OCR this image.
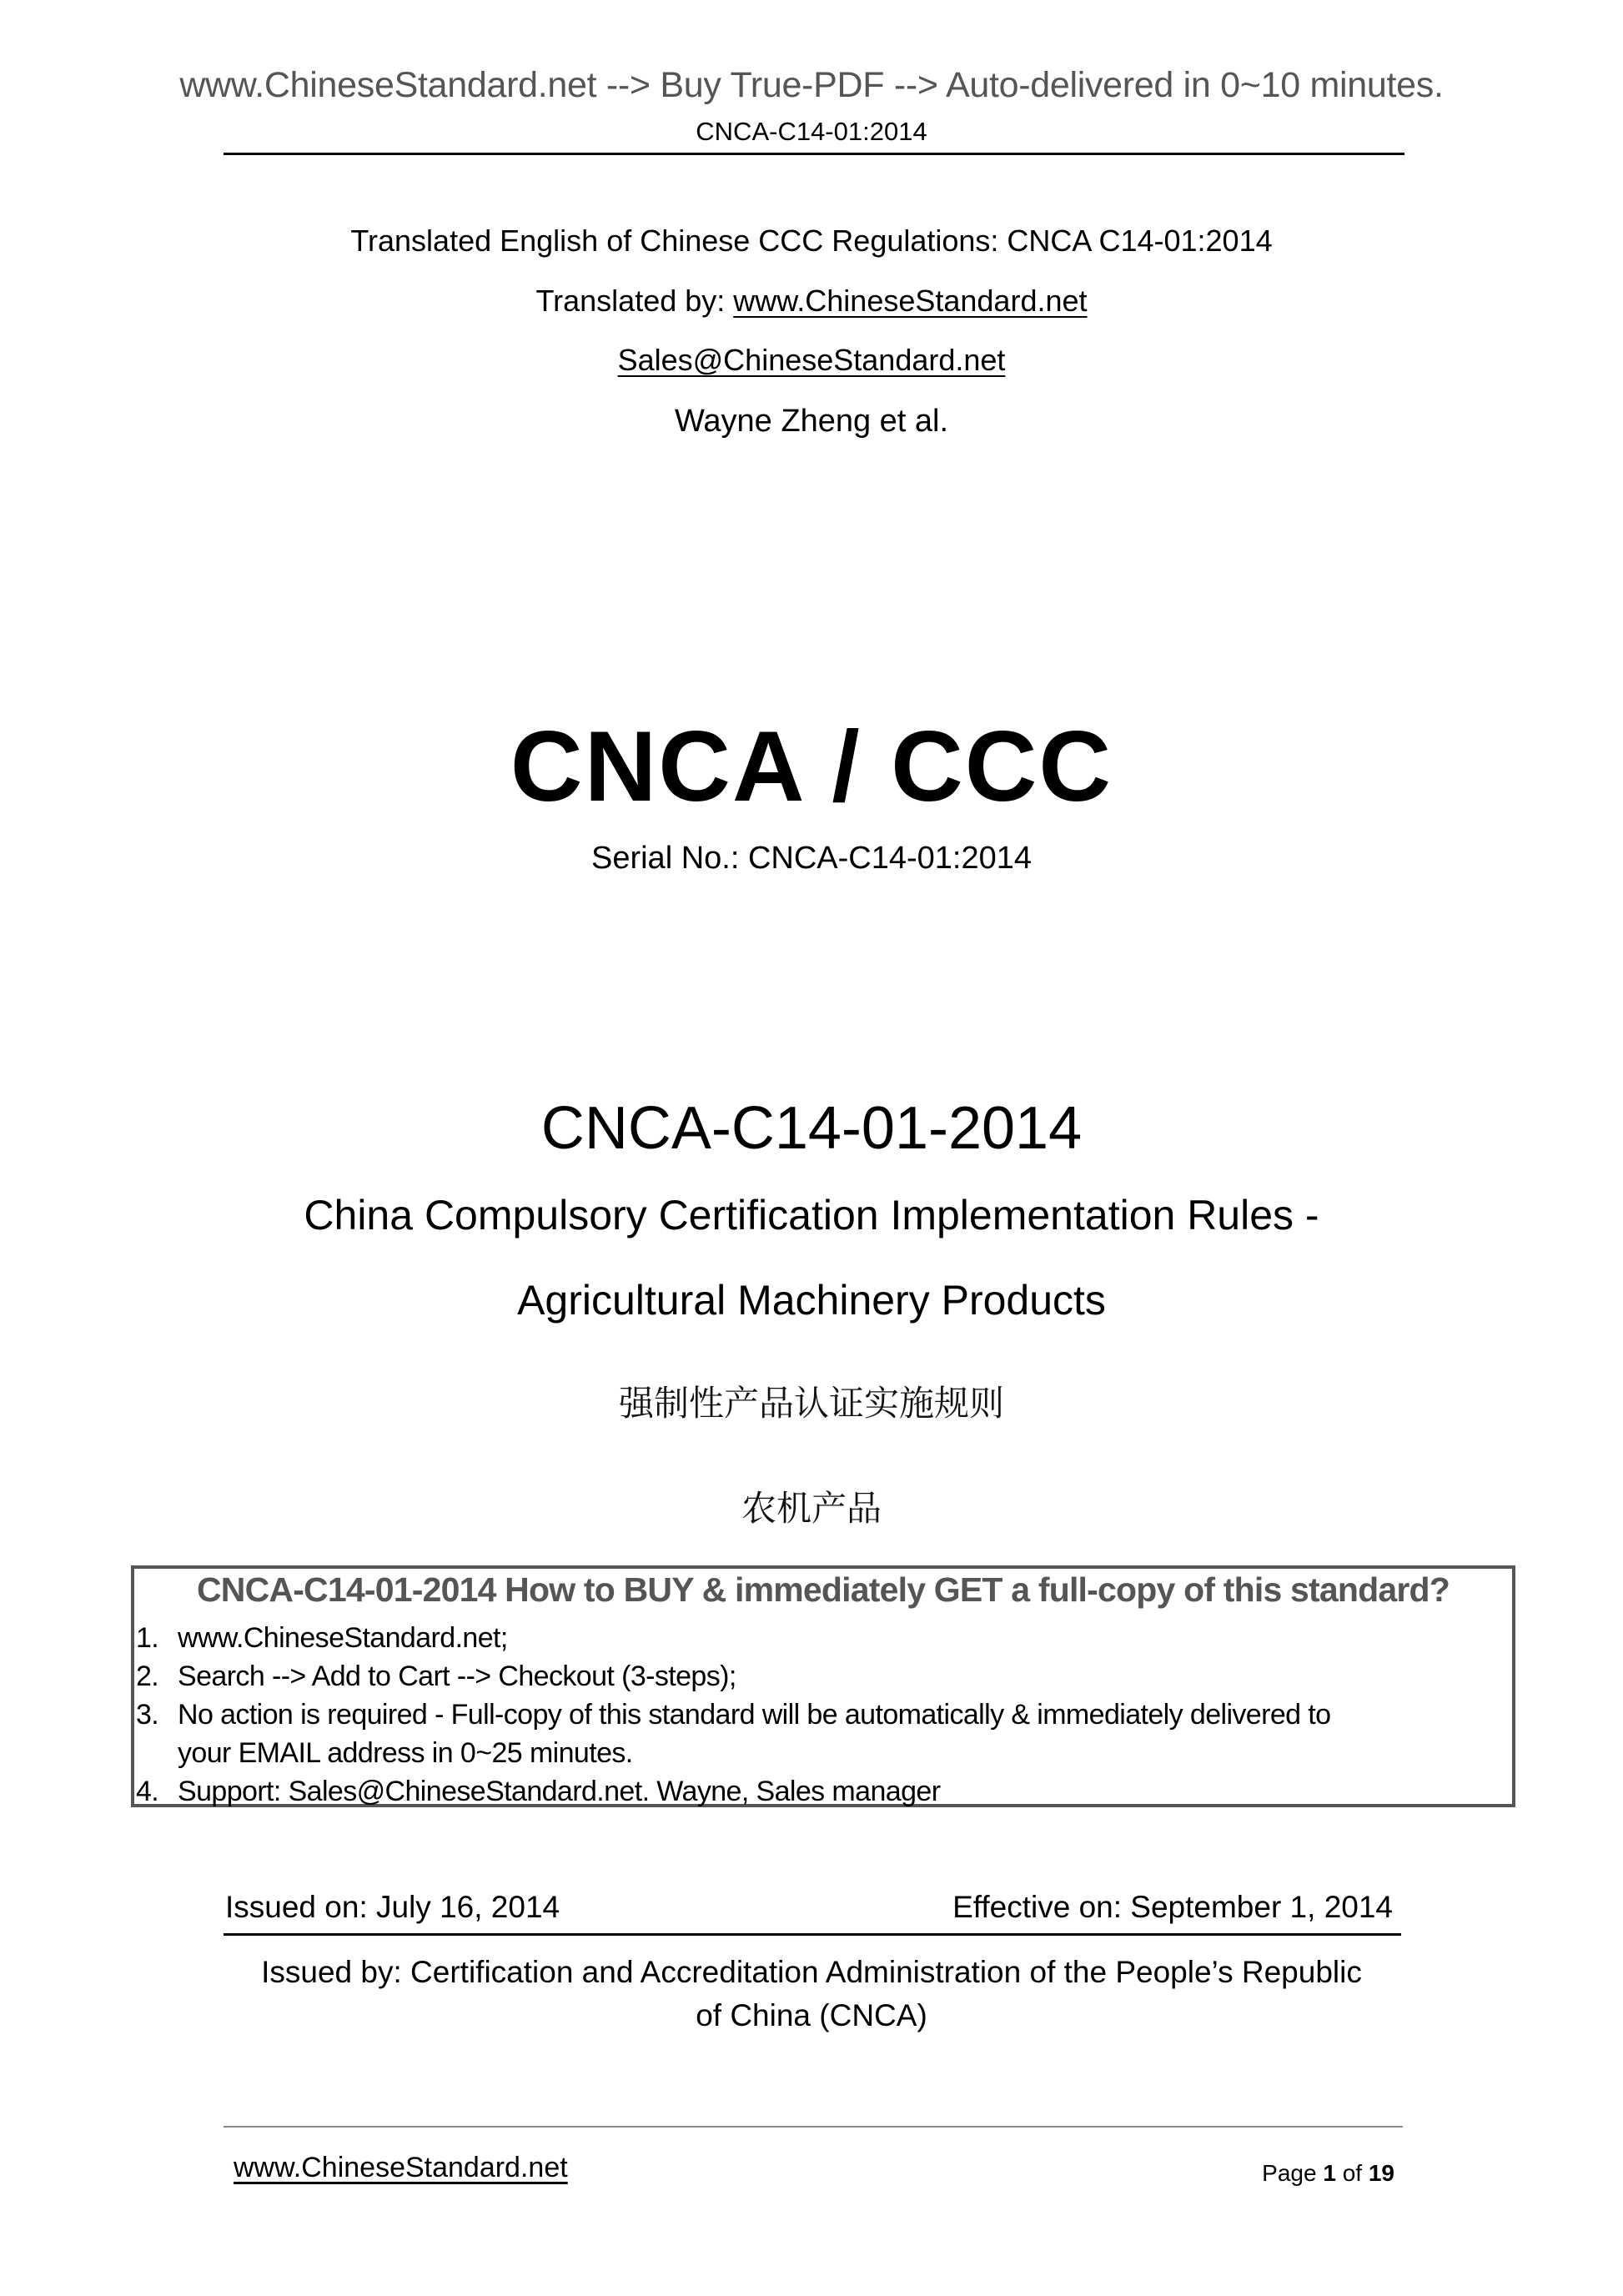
www.ChineseStandard.net --> Buy True-PDF --> Auto-delivered in 0~10 minutes.
CNCA-C14-01:2014
Translated English of Chinese CCC Regulations: CNCA C14-01:2014
Translated by: www.ChineseStandard.net
Sales@ChineseStandard.net
Wayne Zheng et al.
CNCA / CCC
Serial No.: CNCA-C14-01:2014
CNCA-C14-01-2014
China Compulsory Certification Implementation Rules -
Agricultural Machinery Products
强制性产品认证实施规则
农机产品
CNCA-C14-01-2014 How to BUY & immediately GET a full-copy of this standard?
1. www.ChineseStandard.net;
2. Search --> Add to Cart --> Checkout (3-steps);
3. No action is required - Full-copy of this standard will be automatically & immediately delivered to
your EMAIL address in 0~25 minutes.
4. Support: Sales@ChineseStandard.net. Wayne, Sales manager
Issued on: July 16, 2014	Effective on: September 1, 2014
Issued by: Certification and Accreditation Administration of the People’s Republic
of China (CNCA)
www.ChineseStandard.net	Page 1 of 19
